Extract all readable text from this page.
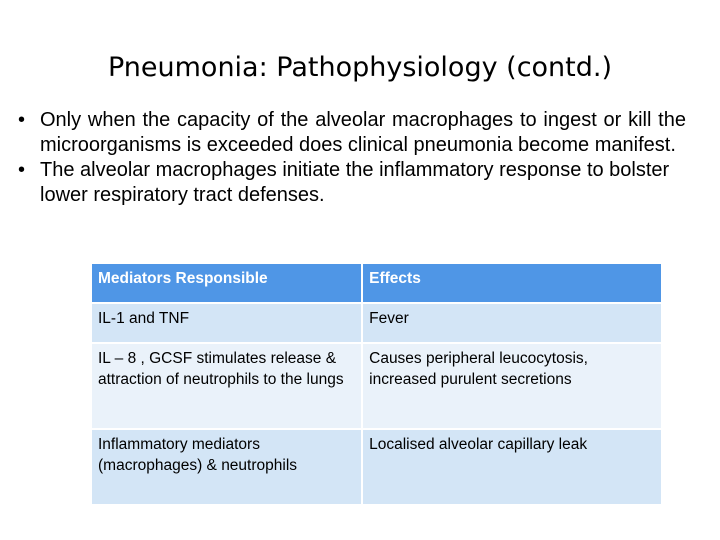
Pneumonia: Pathophysiology (contd.)
• Only when the capacity of the alveolar macrophages to ingest or kill the microorganisms is exceeded does clinical pneumonia become manifest.
• The alveolar macrophages initiate the inflammatory response to bolster lower respiratory tract defenses.
Mediators Responsible	Effects
IL-1 and TNF	Fever
IL – 8 , GCSF stimulates release & attraction of neutrophils to the lungs	Causes peripheral leucocytosis, increased purulent secretions
Inflammatory mediators (macrophages) & neutrophils	Localised alveolar capillary leak
